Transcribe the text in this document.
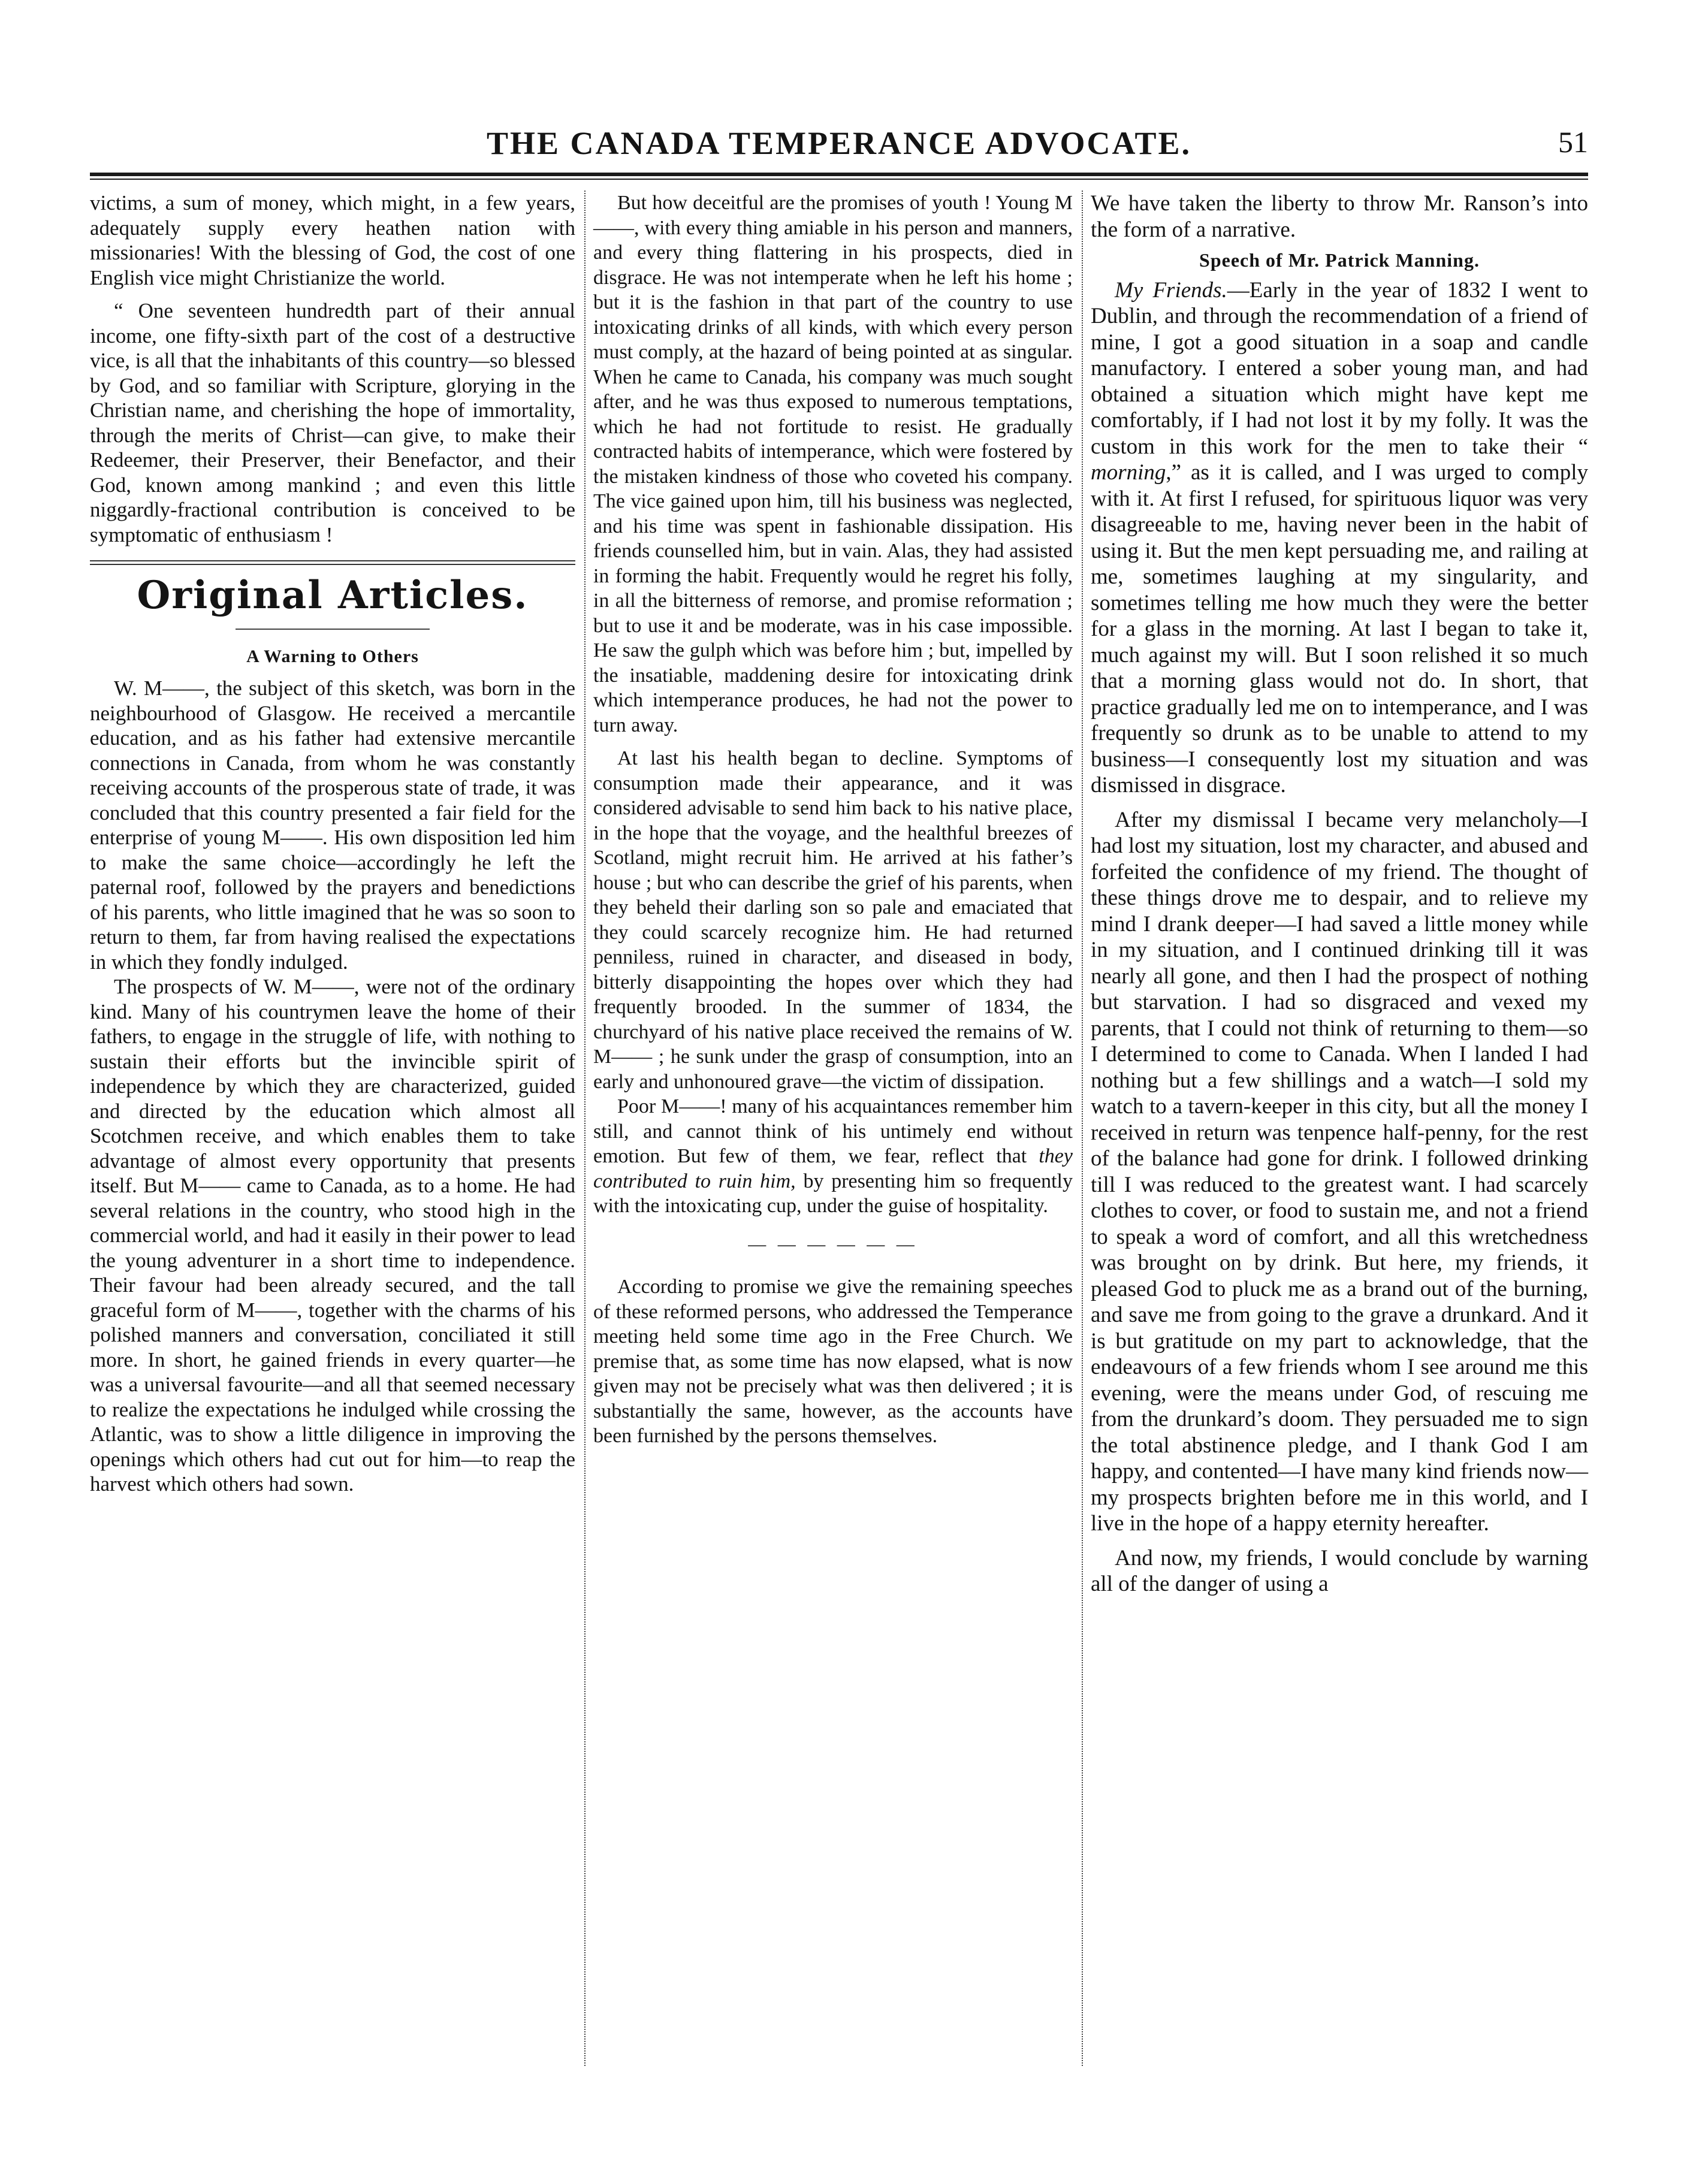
THE CANADA TEMPERANCE ADVOCATE.	51

victims, a sum of money, which might, in a few years, adequately supply every heathen nation with missionaries! With the blessing of God, the cost of one English vice might Christianize the world.

“ One seventeen hundredth part of their annual income, one fifty-sixth part of the cost of a destructive vice, is all that the inhabitants of this country—so blessed by God, and so familiar with Scripture, glorying in the Christian name, and cherishing the hope of immortality, through the merits of Christ—can give, to make their Redeemer, their Preserver, their Benefactor, and their God, known among mankind ; and even this little niggardly-fractional contribution is conceived to be symptomatic of enthusiasm !

Original Articles.
A Warning to Others

W. M——, the subject of this sketch, was born in the neighbourhood of Glasgow. He received a mercantile education, and as his father had extensive mercantile connections in Canada, from whom he was constantly receiving accounts of the prosperous state of trade, it was concluded that this country presented a fair field for the enterprise of young M——. His own disposition led him to make the same choice—accordingly he left the paternal roof, followed by the prayers and benedictions of his parents, who little imagined that he was so soon to return to them, far from having realised the expectations in which they fondly indulged.

The prospects of W. M——, were not of the ordinary kind. Many of his countrymen leave the home of their fathers, to engage in the struggle of life, with nothing to sustain their efforts but the invincible spirit of independence by which they are characterized, guided and directed by the education which almost all Scotchmen receive, and which enables them to take advantage of almost every opportunity that presents itself. But M—— came to Canada, as to a home. He had several relations in the country, who stood high in the commercial world, and had it easily in their power to lead the young adventurer in a short time to independence. Their favour had been already secured, and the tall graceful form of M——, together with the charms of his polished manners and conversation, conciliated it still more. In short, he gained friends in every quarter—he was a universal favourite—and all that seemed necessary to realize the expectations he indulged while crossing the Atlantic, was to show a little diligence in improving the openings which others had cut out for him—to reap the harvest which others had sown.

But how deceitful are the promises of youth ! Young M——, with every thing amiable in his person and manners, and every thing flattering in his prospects, died in disgrace. He was not intemperate when he left his home ; but it is the fashion in that part of the country to use intoxicating drinks of all kinds, with which every person must comply, at the hazard of being pointed at as singular. When he came to Canada, his company was much sought after, and he was thus exposed to numerous temptations, which he had not fortitude to resist. He gradually contracted habits of intemperance, which were fostered by the mistaken kindness of those who coveted his company. The vice gained upon him, till his business was neglected, and his time was spent in fashionable dissipation. His friends counselled him, but in vain. Alas, they had assisted in forming the habit. Frequently would he regret his folly, in all the bitterness of remorse, and promise reformation ; but to use it and be moderate, was in his case impossible. He saw the gulph which was before him ; but, impelled by the insatiable, maddening desire for intoxicating drink which intemperance produces, he had not the power to turn away.

At last his health began to decline. Symptoms of consumption made their appearance, and it was considered advisable to send him back to his native place, in the hope that the voyage, and the healthful breezes of Scotland, might recruit him. He arrived at his father’s house ; but who can describe the grief of his parents, when they beheld their darling son so pale and emaciated that they could scarcely recognize him. He had returned penniless, ruined in character, and diseased in body, bitterly disappointing the hopes over which they had frequently brooded. In the summer of 1834, the churchyard of his native place received the remains of W. M—— ; he sunk under the grasp of consumption, into an early and unhonoured grave—the victim of dissipation.

Poor M——! many of his acquaintances remember him still, and cannot think of his untimely end without emotion. But few of them, we fear, reflect that they contributed to ruin him, by presenting him so frequently with the intoxicating cup, under the guise of hospitality.

— — — — — —

According to promise we give the remaining speeches of these reformed persons, who addressed the Temperance meeting held some time ago in the Free Church. We premise that, as some time has now elapsed, what is now given may not be precisely what was then delivered ; it is substantially the same, however, as the accounts have been furnished by the persons themselves.

We have taken the liberty to throw Mr. Ranson’s into the form of a narrative.

Speech of Mr. Patrick Manning.

My Friends.—Early in the year of 1832 I went to Dublin, and through the recommendation of a friend of mine, I got a good situation in a soap and candle manufactory. I entered a sober young man, and had obtained a situation which might have kept me comfortably, if I had not lost it by my folly. It was the custom in this work for the men to take their “ morning,” as it is called, and I was urged to comply with it. At first I refused, for spirituous liquor was very disagreeable to me, having never been in the habit of using it. But the men kept persuading me, and railing at me, sometimes laughing at my singularity, and sometimes telling me how much they were the better for a glass in the morning. At last I began to take it, much against my will. But I soon relished it so much that a morning glass would not do. In short, that practice gradually led me on to intemperance, and I was frequently so drunk as to be unable to attend to my business—I consequently lost my situation and was dismissed in disgrace.

After my dismissal I became very melancholy—I had lost my situation, lost my character, and abused and forfeited the confidence of my friend. The thought of these things drove me to despair, and to relieve my mind I drank deeper—I had saved a little money while in my situation, and I continued drinking till it was nearly all gone, and then I had the prospect of nothing but starvation. I had so disgraced and vexed my parents, that I could not think of returning to them—so I determined to come to Canada. When I landed I had nothing but a few shillings and a watch—I sold my watch to a tavern-keeper in this city, but all the money I received in return was tenpence half-penny, for the rest of the balance had gone for drink. I followed drinking till I was reduced to the greatest want. I had scarcely clothes to cover, or food to sustain me, and not a friend to speak a word of comfort, and all this wretchedness was brought on by drink. But here, my friends, it pleased God to pluck me as a brand out of the burning, and save me from going to the grave a drunkard. And it is but gratitude on my part to acknowledge, that the endeavours of a few friends whom I see around me this evening, were the means under God, of rescuing me from the drunkard’s doom. They persuaded me to sign the total abstinence pledge, and I thank God I am happy, and contented—I have many kind friends now—my prospects brighten before me in this world, and I live in the hope of a happy eternity hereafter.

And now, my friends, I would conclude by warning all of the danger of using a
